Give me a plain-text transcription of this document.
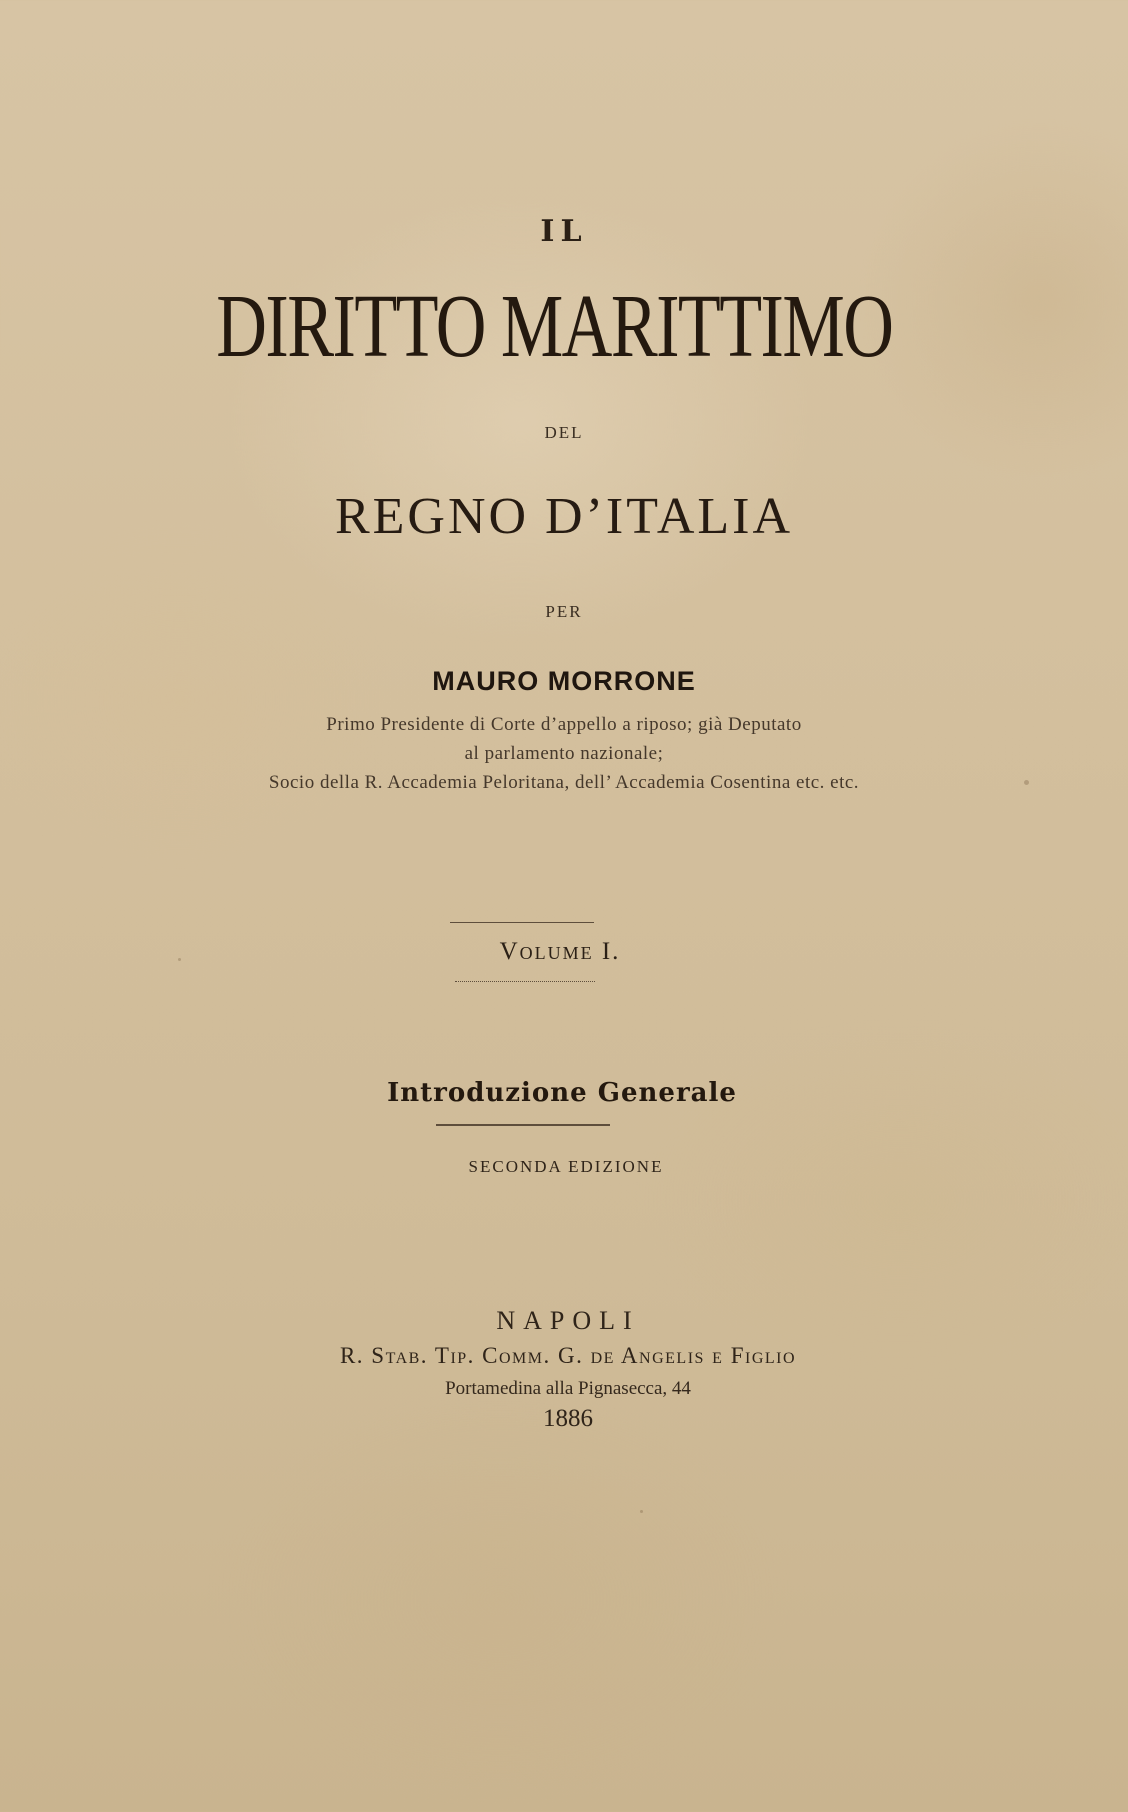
IL
DIRITTO MARITTIMO
DEL
REGNO D’ITALIA
PER
MAURO MORRONE
Primo Presidente di Corte d’appello a riposo; già Deputato
al parlamento nazionale;
Socio della R. Accademia Peloritana, dell’ Accademia Cosentina etc. etc.
Volume I.
Introduzione Generale
SECONDA EDIZIONE
NAPOLI
R. Stab. Tip. Comm. G. de Angelis e Figlio
Portamedina alla Pignasecca, 44
1886
